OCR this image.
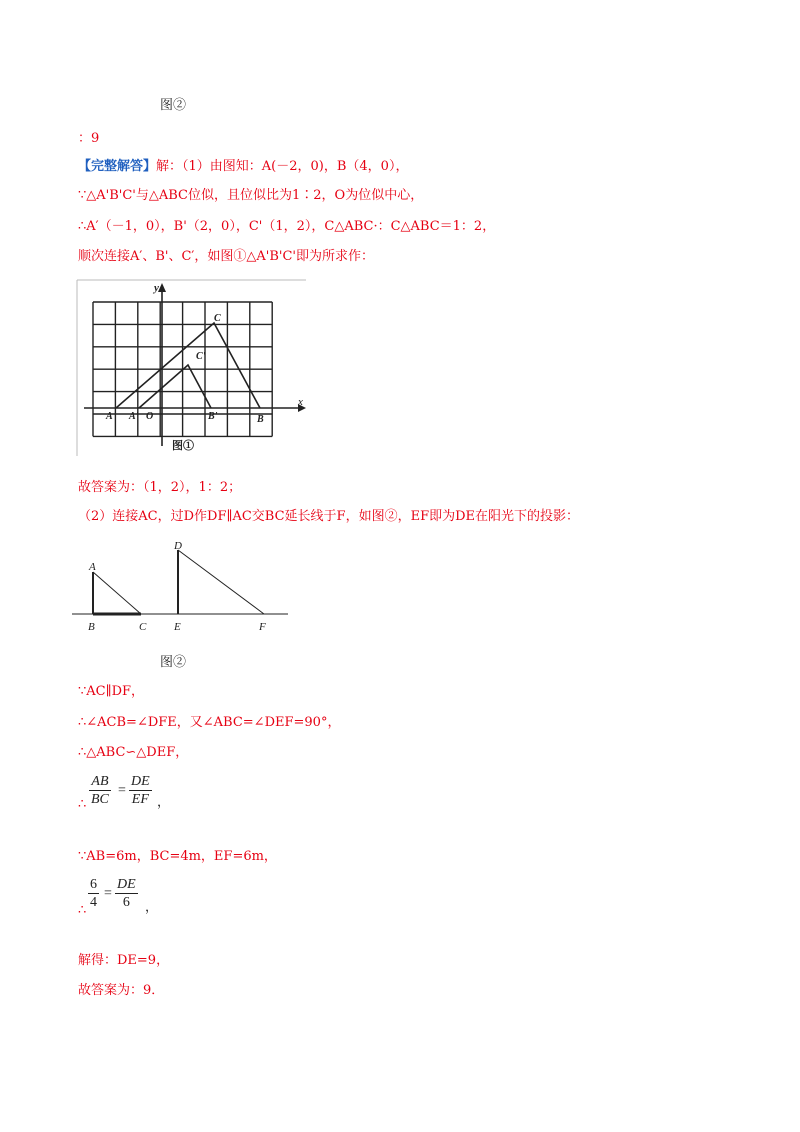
图②
：9
【完整解答】解：（1）由图知：A(－2，0)，B（4，0），
∵△A'B'C'与△ABC位似，且位似比为1∶2，O为位似中心，
∴A′（－1，0），B'（2，0），C'（1，2），C△ABC·：C△ABC＝1：2，
顺次连接A′、B'、C′，如图①△A'B'C'即为所求作：
x
y
A A' O	B'	B
C
C'
图①
故答案为：（1，2），1：2；
（2）连接AC，过D作DF∥AC交BC延长线于F，如图②，EF即为DE在阳光下的投影：
A
B	C
D
E	F
图②
∵AC∥DF，
∴∠ACB=∠DFE，又∠ABC=∠DEF=90°，
∴△ABC∽△DEF，
∴ $\frac{AB}{BC} = \frac{DE}{EF}$ ，
∵AB=6m，BC=4m，EF=6m，
∴ $\frac{6}{4} = \frac{DE}{6}$ ，
解得：DE=9，
故答案为：9．
